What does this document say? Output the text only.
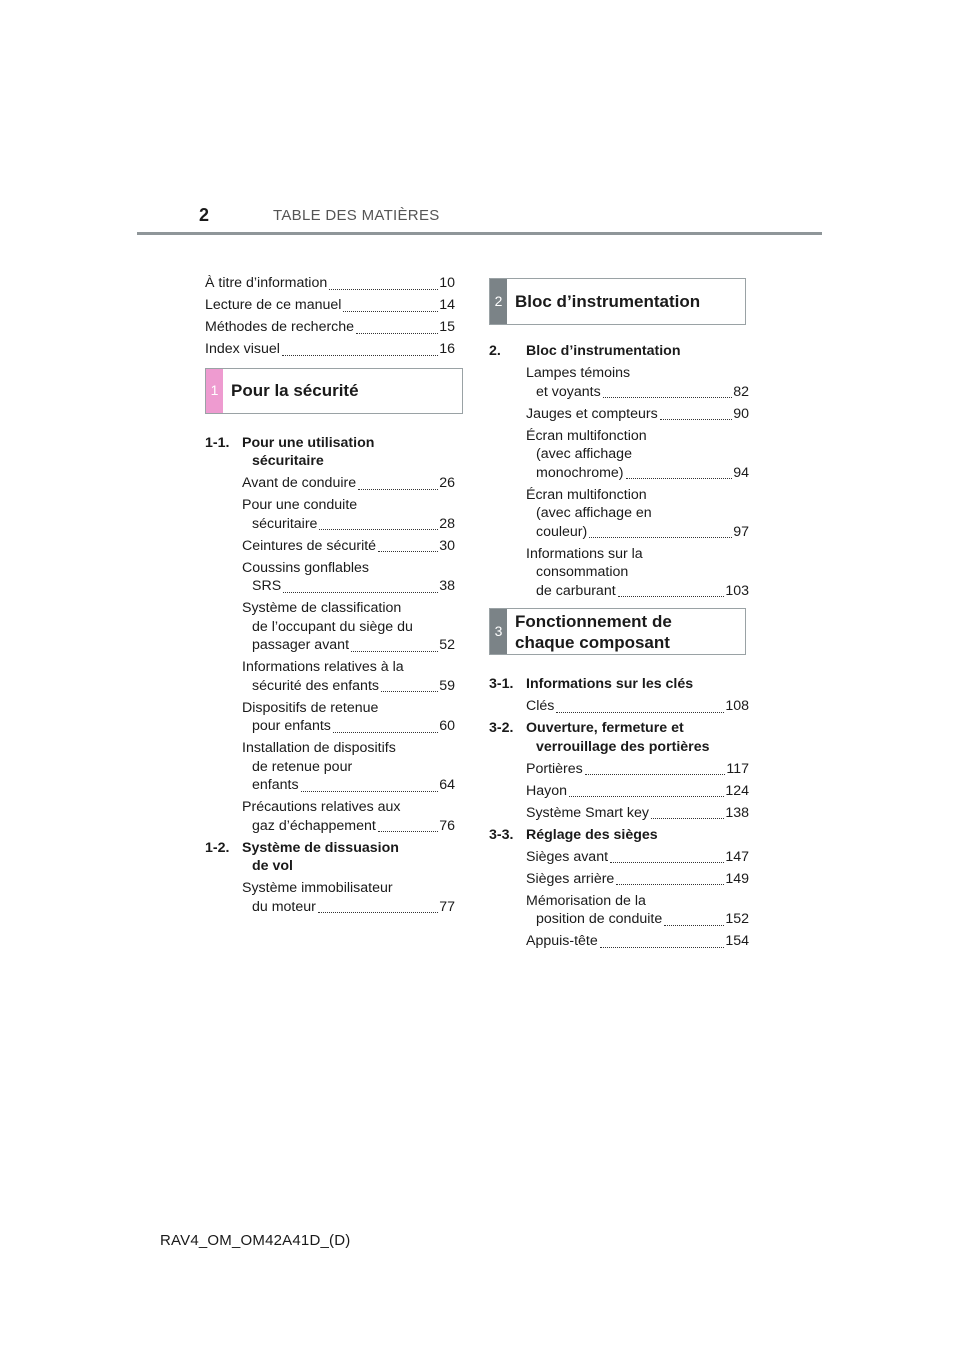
2	TABLE DES MATIÈRES
À titre d’information	10
Lecture de ce manuel	14
Méthodes de recherche	15
Index visuel	16
1 Pour la sécurité
1-1. Pour une utilisation
sécuritaire
Avant de conduire	26
Pour une conduite
sécuritaire	28
Ceintures de sécurité	30
Coussins gonflables
SRS	38
Système de classification
de l’occupant du siège du
passager avant	52
Informations relatives à la
sécurité des enfants	59
Dispositifs de retenue
pour enfants	60
Installation de dispositifs
de retenue pour
enfants	64
Précautions relatives aux
gaz d’échappement	76
1-2. Système de dissuasion
de vol
Système immobilisateur
du moteur	77
2 Bloc d’instrumentation
2.	Bloc d’instrumentation
Lampes témoins
et voyants	82
Jauges et compteurs	90
Écran multifonction
(avec affichage
monochrome)	94
Écran multifonction
(avec affichage en
couleur)	97
Informations sur la
consommation
de carburant	103
3
Fonctionnement de
chaque composant
3-1. Informations sur les clés
Clés	108
3-2. Ouverture, fermeture et
verrouillage des portières
Portières	117
Hayon	124
Système Smart key	138
3-3. Réglage des sièges
Sièges avant	147
Sièges arrière	149
Mémorisation de la
position de conduite	152
Appuis-tête	154
RAV4_OM_OM42A41D_(D)
